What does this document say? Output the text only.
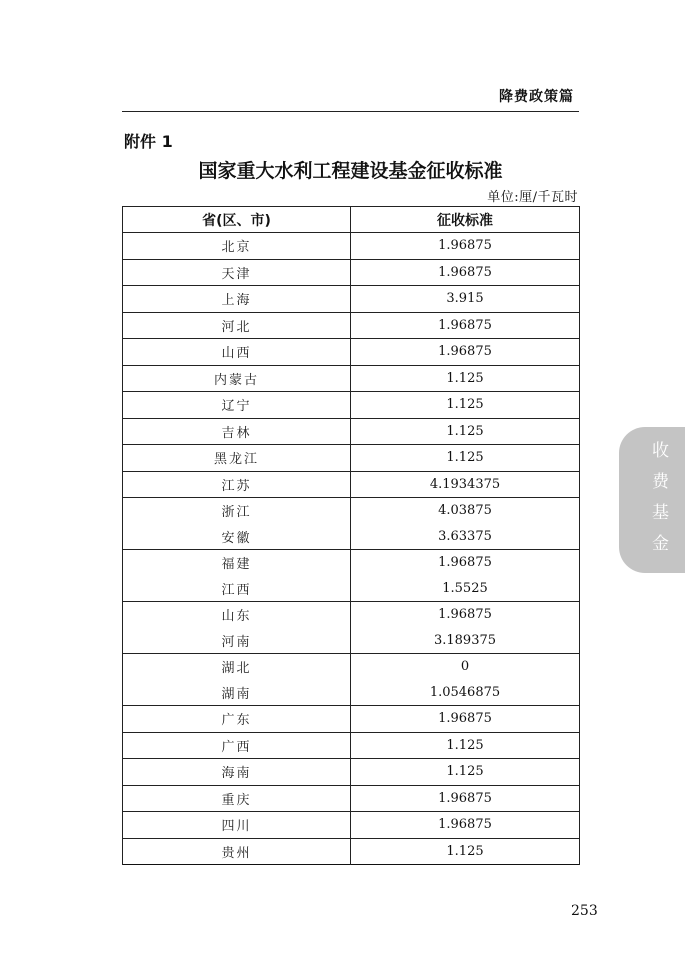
降费政策篇
附件 1
国家重大水利工程建设基金征收标准
单位:厘/千瓦时
省(区、市)	征收标准
北京	1.96875
天津	1.96875
上海	3.915
河北	1.96875
山西	1.96875
内蒙古	1.125
辽宁	1.125
吉林	1.125
黑龙江	1.125
江苏	4.1934375
浙江	4.03875
安徽	3.63375
福建	1.96875
江西	1.5525
山东	1.96875
河南	3.189375
湖北	0
湖南	1.0546875
广东	1.96875
广西	1.125
海南	1.125
重庆	1.96875
四川	1.96875
贵州	1.125
收费基金
253
